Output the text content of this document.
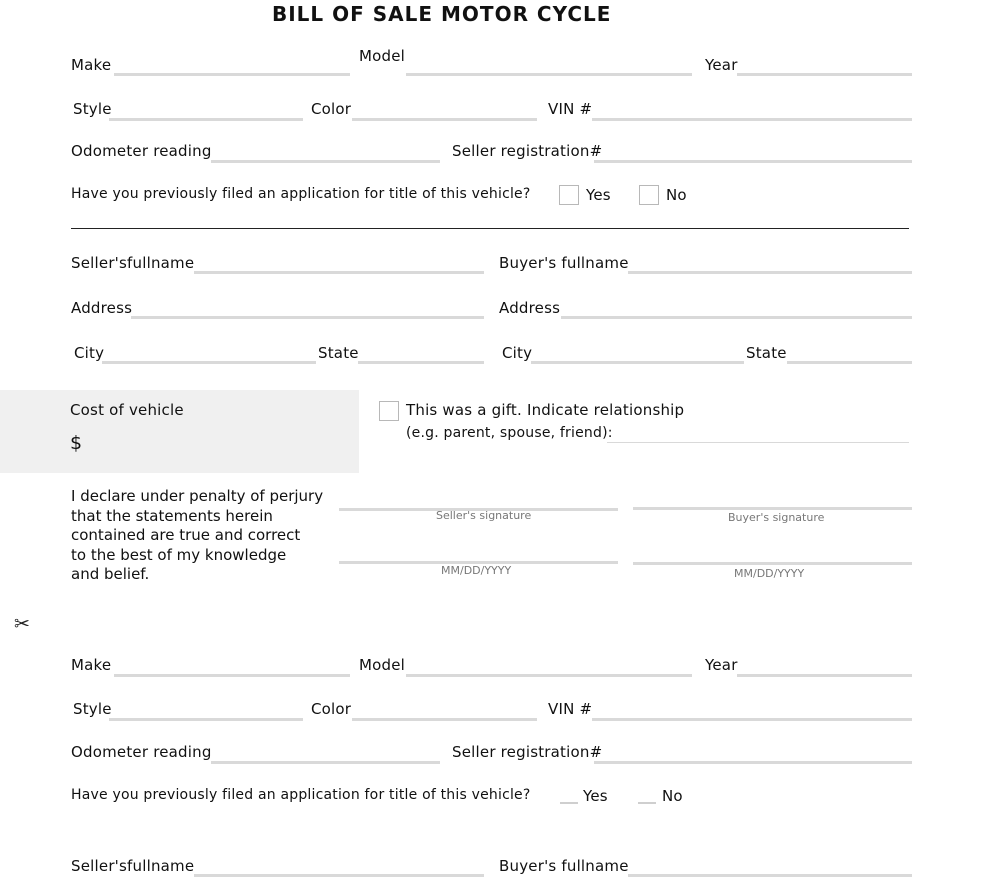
BILL OF SALE MOTOR CYCLE
Make	Model	Year
Style	Color	VIN #
Odometer reading	Seller registration#
Have you previously filed an application for title of this vehicle?	Yes	No
Seller'sfullname	Buyer's fullname
Address	Address
City	State	City	State
Cost of vehicle
$
This was a gift. Indicate relationship
(e.g. parent, spouse, friend):
I declare under penalty of perjury
that the statements herein
contained are true and correct
to the best of my knowledge
and belief.
Seller's signature	Buyer's signature
MM/DD/YYYY	MM/DD/YYYY
✂
Make	Model	Year
Style	Color	VIN #
Odometer reading	Seller registration#
Have you previously filed an application for title of this vehicle?	Yes	No
Seller'sfullname	Buyer's fullname
